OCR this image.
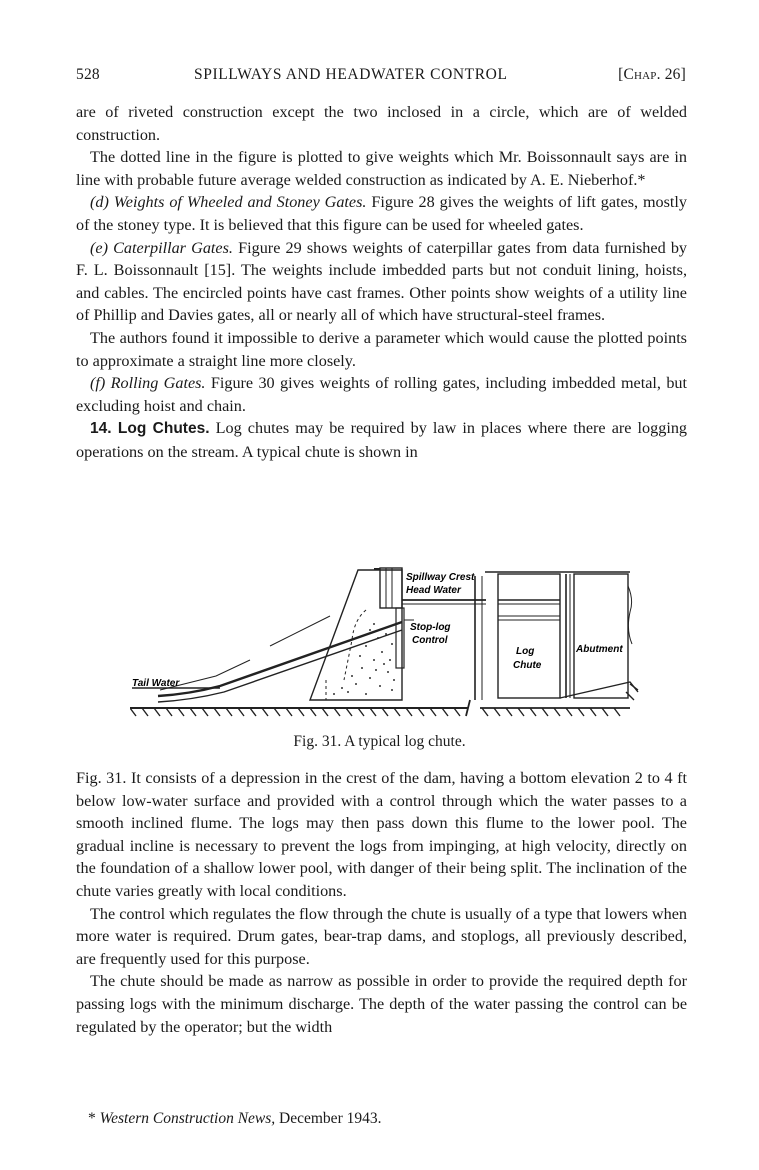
528	SPILLWAYS AND HEADWATER CONTROL	[Chap. 26]

are of riveted construction except the two inclosed in a circle, which are of welded construction.

The dotted line in the figure is plotted to give weights which Mr. Boissonnault says are in line with probable future average welded construction as indicated by A. E. Nieberhof.*

(d) Weights of Wheeled and Stoney Gates. Figure 28 gives the weights of lift gates, mostly of the stoney type. It is believed that this figure can be used for wheeled gates.

(e) Caterpillar Gates. Figure 29 shows weights of caterpillar gates from data furnished by F. L. Boissonnault [15]. The weights include imbedded parts but not conduit lining, hoists, and cables. The encircled points have cast frames. Other points show weights of a utility line of Phillip and Davies gates, all or nearly all of which have structural-steel frames.

The authors found it impossible to derive a parameter which would cause the plotted points to approximate a straight line more closely.

(f) Rolling Gates. Figure 30 gives weights of rolling gates, including imbedded metal, but excluding hoist and chain.

14. Log Chutes. Log chutes may be required by law in places where there are logging operations on the stream. A typical chute is shown in

Spillway Crest
Head Water
Stop-log
Control
Log
Chute
Abutment
Tail Water
Fig. 31. A typical log chute.

Fig. 31. It consists of a depression in the crest of the dam, having a bottom elevation 2 to 4 ft below low-water surface and provided with a control through which the water passes to a smooth inclined flume. The logs may then pass down this flume to the lower pool. The gradual incline is necessary to prevent the logs from impinging, at high velocity, directly on the foundation of a shallow lower pool, with danger of their being split. The inclination of the chute varies greatly with local conditions.

The control which regulates the flow through the chute is usually of a type that lowers when more water is required. Drum gates, bear-trap dams, and stoplogs, all previously described, are frequently used for this purpose.

The chute should be made as narrow as possible in order to provide the required depth for passing logs with the minimum discharge. The depth of the water passing the control can be regulated by the operator; but the width

* Western Construction News, December 1943.
